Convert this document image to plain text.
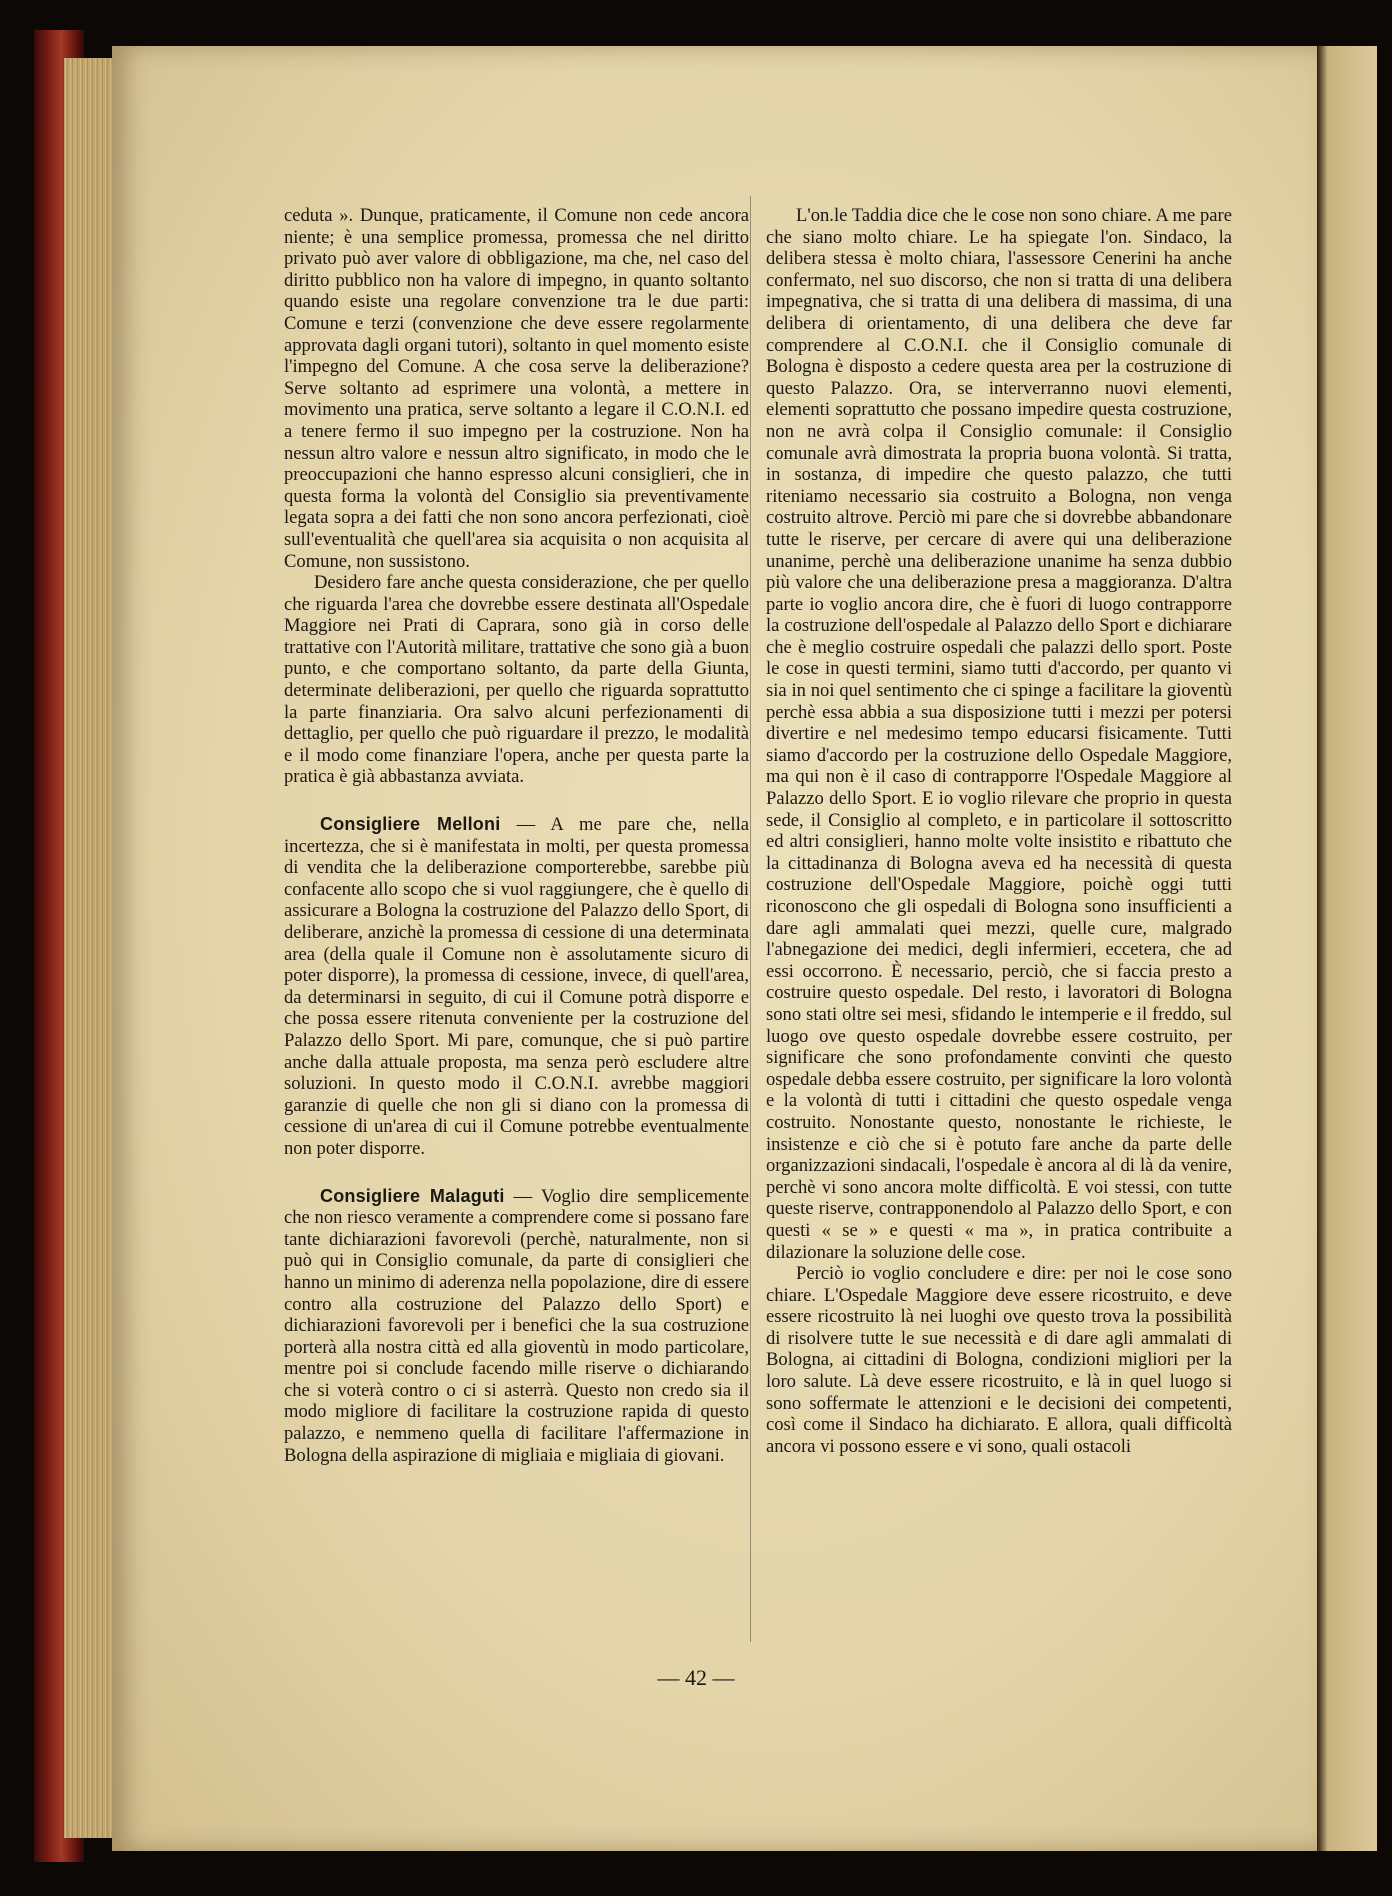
ceduta ». Dunque, praticamente, il Comune non cede ancora niente; è una semplice promessa, promessa che nel diritto privato può aver valore di obbligazione, ma che, nel caso del diritto pubblico non ha valore di impegno, in quanto soltanto quando esiste una regolare convenzione tra le due parti: Comune e terzi (convenzione che deve essere regolarmente approvata dagli organi tutori), soltanto in quel momento esiste l'impegno del Comune. A che cosa serve la deliberazione? Serve soltanto ad esprimere una volontà, a mettere in movimento una pratica, serve soltanto a legare il C.O.N.I. ed a tenere fermo il suo impegno per la costruzione. Non ha nessun altro valore e nessun altro significato, in modo che le preoccupazioni che hanno espresso alcuni consiglieri, che in questa forma la volontà del Consiglio sia preventivamente legata sopra a dei fatti che non sono ancora perfezionati, cioè sull'eventualità che quell'area sia acquisita o non acquisita al Comune, non sussistono.

Desidero fare anche questa considerazione, che per quello che riguarda l'area che dovrebbe essere destinata all'Ospedale Maggiore nei Prati di Caprara, sono già in corso delle trattative con l'Autorità militare, trattative che sono già a buon punto, e che comportano soltanto, da parte della Giunta, determinate deliberazioni, per quello che riguarda soprattutto la parte finanziaria. Ora salvo alcuni perfezionamenti di dettaglio, per quello che può riguardare il prezzo, le modalità e il modo come finanziare l'opera, anche per questa parte la pratica è già abbastanza avviata.

Consigliere Melloni — A me pare che, nella incertezza, che si è manifestata in molti, per questa promessa di vendita che la deliberazione comporterebbe, sarebbe più confacente allo scopo che si vuol raggiungere, che è quello di assicurare a Bologna la costruzione del Palazzo dello Sport, di deliberare, anzichè la promessa di cessione di una determinata area (della quale il Comune non è assolutamente sicuro di poter disporre), la promessa di cessione, invece, di quell'area, da determinarsi in seguito, di cui il Comune potrà disporre e che possa essere ritenuta conveniente per la costruzione del Palazzo dello Sport. Mi pare, comunque, che si può partire anche dalla attuale proposta, ma senza però escludere altre soluzioni. In questo modo il C.O.N.I. avrebbe maggiori garanzie di quelle che non gli si diano con la promessa di cessione di un'area di cui il Comune potrebbe eventualmente non poter disporre.

Consigliere Malaguti — Voglio dire semplicemente che non riesco veramente a comprendere come si possano fare tante dichiarazioni favorevoli (perchè, naturalmente, non si può qui in Consiglio comunale, da parte di consiglieri che hanno un minimo di aderenza nella popolazione, dire di essere contro alla costruzione del Palazzo dello Sport) e dichiarazioni favorevoli per i benefici che la sua costruzione porterà alla nostra città ed alla gioventù in modo particolare, mentre poi si conclude facendo mille riserve o dichiarando che si voterà contro o ci si asterrà. Questo non credo sia il modo migliore di facilitare la costruzione rapida di questo palazzo, e nemmeno quella di facilitare l'affermazione in Bologna della aspirazione di migliaia e migliaia di giovani.

L'on.le Taddia dice che le cose non sono chiare. A me pare che siano molto chiare. Le ha spiegate l'on. Sindaco, la delibera stessa è molto chiara, l'assessore Cenerini ha anche confermato, nel suo discorso, che non si tratta di una delibera impegnativa, che si tratta di una delibera di massima, di una delibera di orientamento, di una delibera che deve far comprendere al C.O.N.I. che il Consiglio comunale di Bologna è disposto a cedere questa area per la costruzione di questo Palazzo. Ora, se interverranno nuovi elementi, elementi soprattutto che possano impedire questa costruzione, non ne avrà colpa il Consiglio comunale: il Consiglio comunale avrà dimostrata la propria buona volontà. Si tratta, in sostanza, di impedire che questo palazzo, che tutti riteniamo necessario sia costruito a Bologna, non venga costruito altrove. Perciò mi pare che si dovrebbe abbandonare tutte le riserve, per cercare di avere qui una deliberazione unanime, perchè una deliberazione unanime ha senza dubbio più valore che una deliberazione presa a maggioranza. D'altra parte io voglio ancora dire, che è fuori di luogo contrapporre la costruzione dell'ospedale al Palazzo dello Sport e dichiarare che è meglio costruire ospedali che palazzi dello sport. Poste le cose in questi termini, siamo tutti d'accordo, per quanto vi sia in noi quel sentimento che ci spinge a facilitare la gioventù perchè essa abbia a sua disposizione tutti i mezzi per potersi divertire e nel medesimo tempo educarsi fisicamente. Tutti siamo d'accordo per la costruzione dello Ospedale Maggiore, ma qui non è il caso di contrapporre l'Ospedale Maggiore al Palazzo dello Sport. E io voglio rilevare che proprio in questa sede, il Consiglio al completo, e in particolare il sottoscritto ed altri consiglieri, hanno molte volte insistito e ribattuto che la cittadinanza di Bologna aveva ed ha necessità di questa costruzione dell'Ospedale Maggiore, poichè oggi tutti riconoscono che gli ospedali di Bologna sono insufficienti a dare agli ammalati quei mezzi, quelle cure, malgrado l'abnegazione dei medici, degli infermieri, eccetera, che ad essi occorrono. È necessario, perciò, che si faccia presto a costruire questo ospedale. Del resto, i lavoratori di Bologna sono stati oltre sei mesi, sfidando le intemperie e il freddo, sul luogo ove questo ospedale dovrebbe essere costruito, per significare che sono profondamente convinti che questo ospedale debba essere costruito, per significare la loro volontà e la volontà di tutti i cittadini che questo ospedale venga costruito. Nonostante questo, nonostante le richieste, le insistenze e ciò che si è potuto fare anche da parte delle organizzazioni sindacali, l'ospedale è ancora al di là da venire, perchè vi sono ancora molte difficoltà. E voi stessi, con tutte queste riserve, contrapponendolo al Palazzo dello Sport, e con questi « se » e questi « ma », in pratica contribuite a dilazionare la soluzione delle cose.

Perciò io voglio concludere e dire: per noi le cose sono chiare. L'Ospedale Maggiore deve essere ricostruito, e deve essere ricostruito là nei luoghi ove questo trova la possibilità di risolvere tutte le sue necessità e di dare agli ammalati di Bologna, ai cittadini di Bologna, condizioni migliori per la loro salute. Là deve essere ricostruito, e là in quel luogo si sono soffermate le attenzioni e le decisioni dei competenti, così come il Sindaco ha dichiarato. E allora, quali difficoltà ancora vi possono essere e vi sono, quali ostacoli

— 42 —
